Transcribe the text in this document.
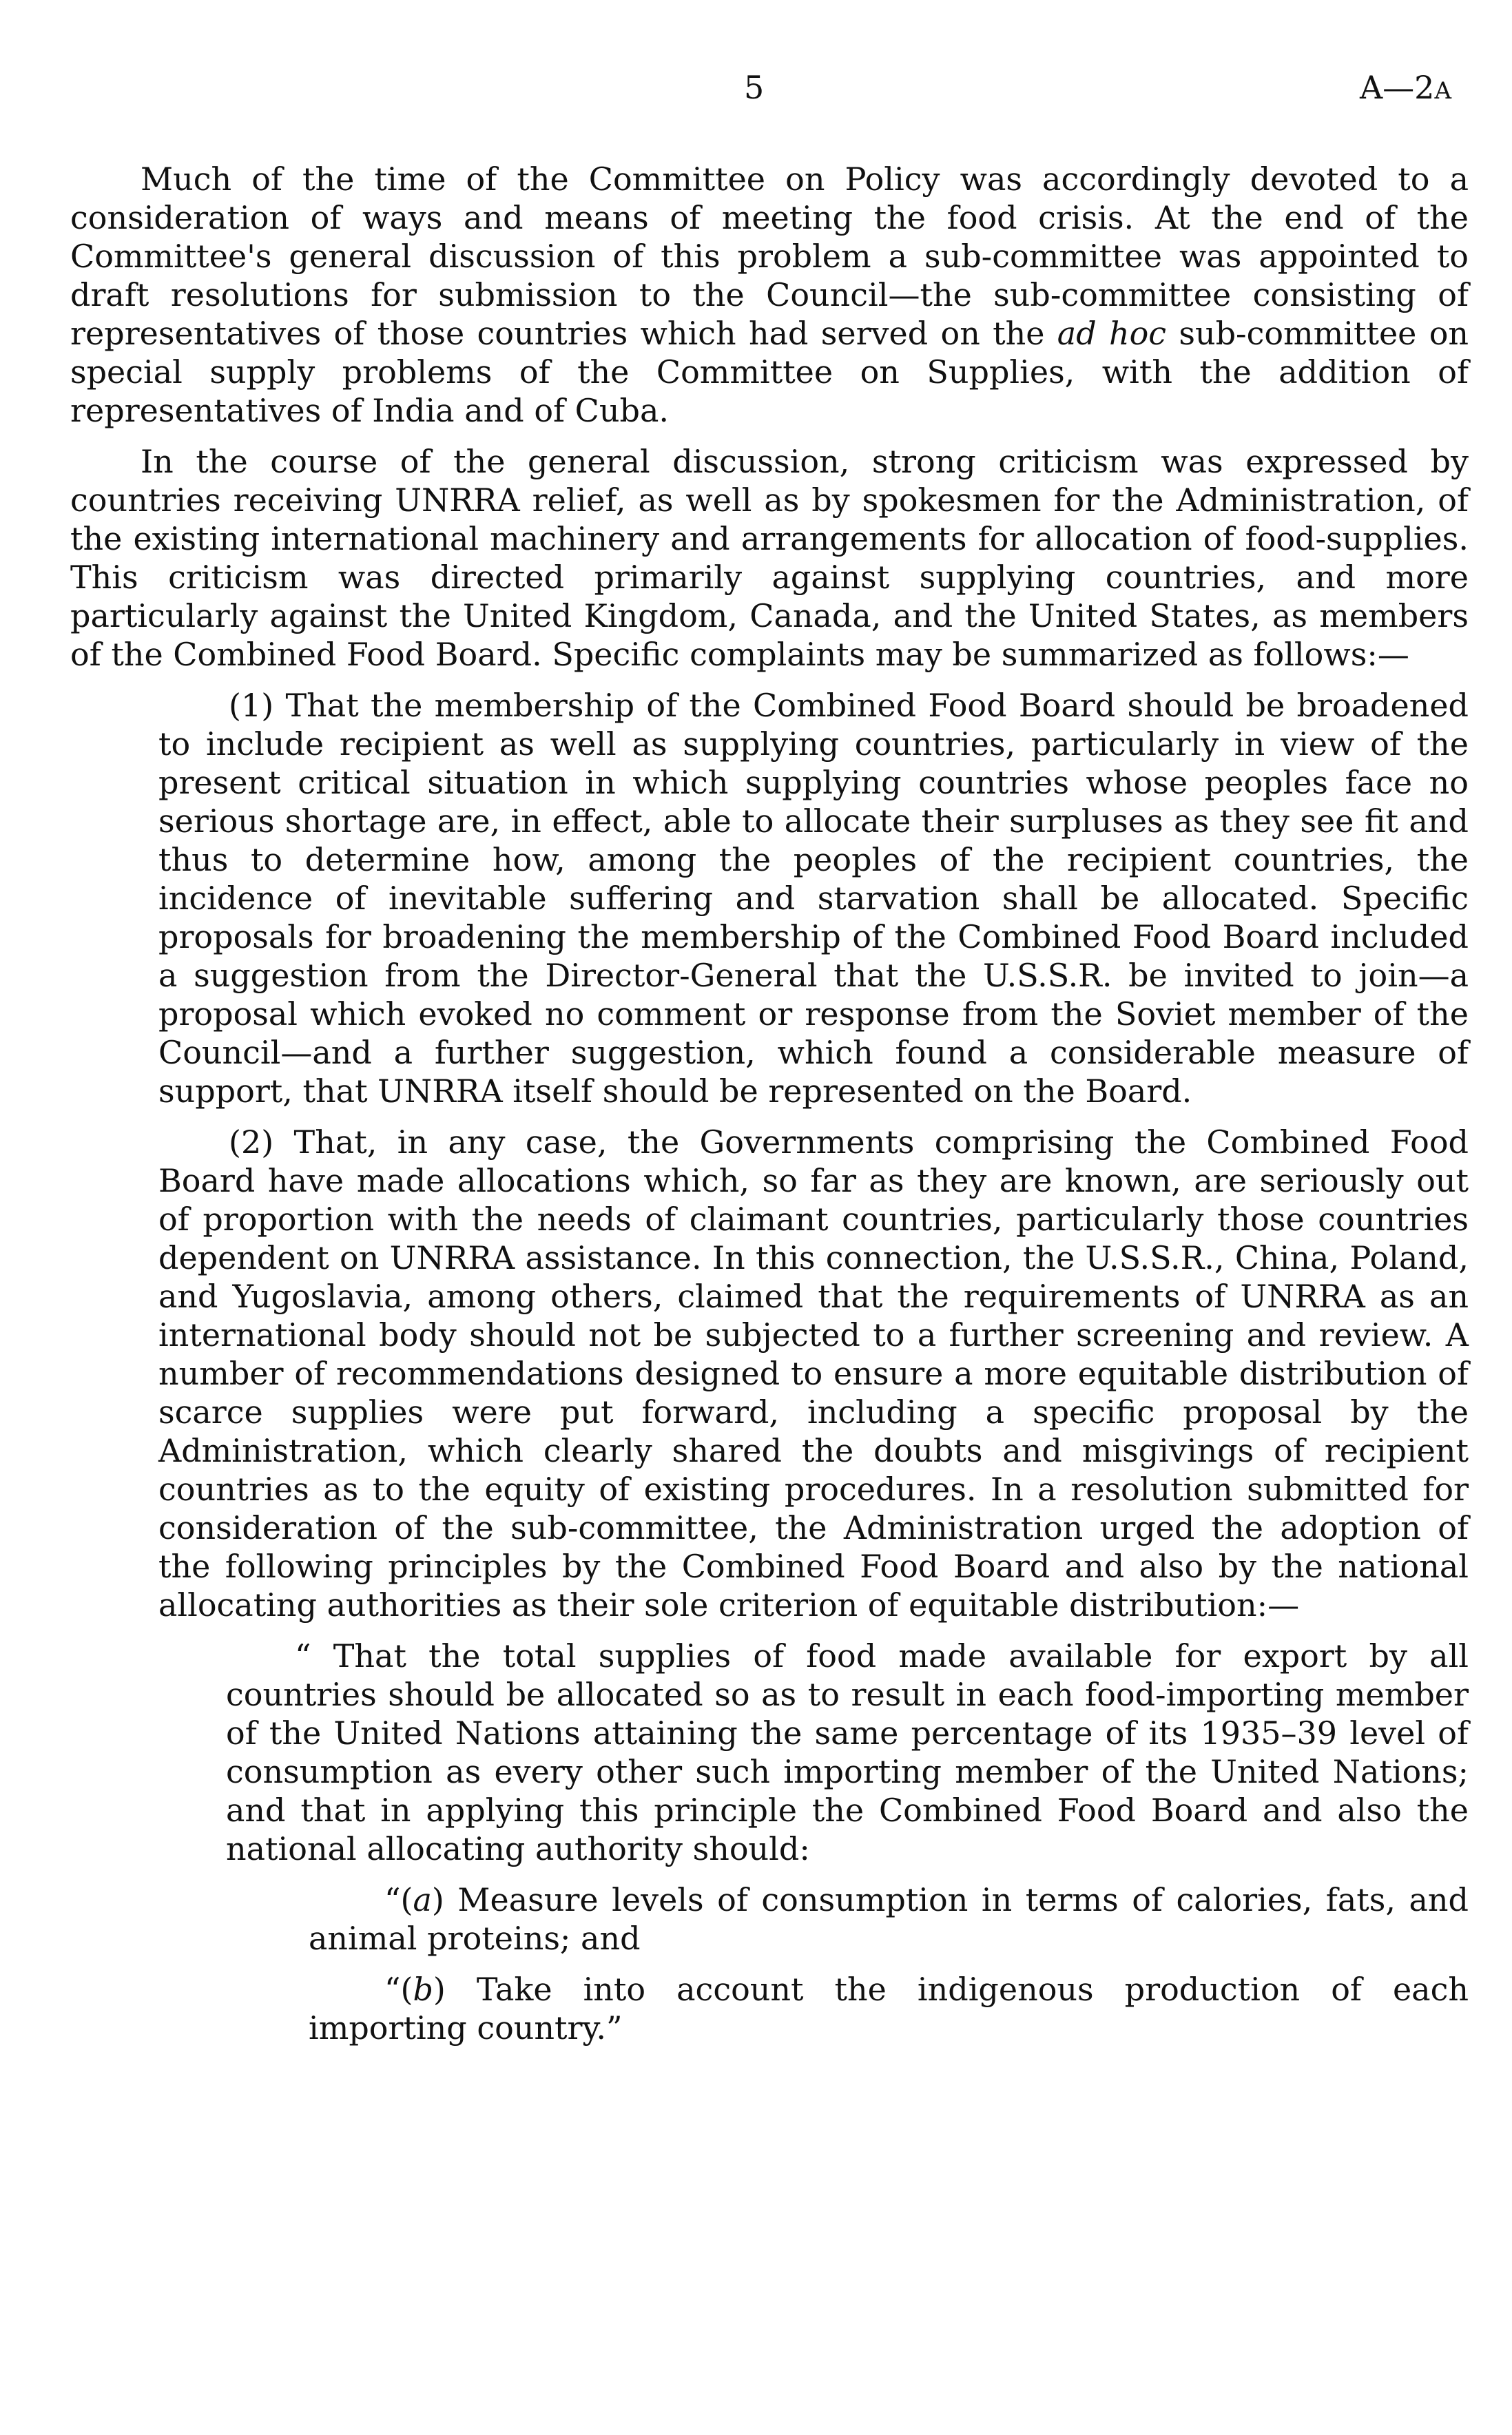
5	A—2A

Much of the time of the Committee on Policy was accordingly devoted to a consideration of ways and means of meeting the food crisis. At the end of the Committee's general discussion of this problem a sub-committee was appointed to draft resolutions for submission to the Council—the sub-committee consisting of representatives of those countries which had served on the ad hoc sub-committee on special supply problems of the Committee on Supplies, with the addition of representatives of India and of Cuba.

In the course of the general discussion, strong criticism was expressed by countries receiving UNRRA relief, as well as by spokesmen for the Administration, of the existing international machinery and arrangements for allocation of food-supplies. This criticism was directed primarily against supplying countries, and more particularly against the United Kingdom, Canada, and the United States, as members of the Combined Food Board. Specific complaints may be summarized as follows:—

(1) That the membership of the Combined Food Board should be broadened to include recipient as well as supplying countries, particularly in view of the present critical situation in which supplying countries whose peoples face no serious shortage are, in effect, able to allocate their surpluses as they see fit and thus to determine how, among the peoples of the recipient countries, the incidence of inevitable suffering and starvation shall be allocated. Specific proposals for broadening the membership of the Combined Food Board included a suggestion from the Director-General that the U.S.S.R. be invited to join—a proposal which evoked no comment or response from the Soviet member of the Council—and a further suggestion, which found a considerable measure of support, that UNRRA itself should be represented on the Board.

(2) That, in any case, the Governments comprising the Combined Food Board have made allocations which, so far as they are known, are seriously out of proportion with the needs of claimant countries, particularly those countries dependent on UNRRA assistance. In this connection, the U.S.S.R., China, Poland, and Yugoslavia, among others, claimed that the requirements of UNRRA as an international body should not be subjected to a further screening and review. A number of recommendations designed to ensure a more equitable distribution of scarce supplies were put forward, including a specific proposal by the Administration, which clearly shared the doubts and misgivings of recipient countries as to the equity of existing procedures. In a resolution submitted for consideration of the sub-committee, the Administration urged the adoption of the following principles by the Combined Food Board and also by the national allocating authorities as their sole criterion of equitable distribution:—

“ That the total supplies of food made available for export by all countries should be allocated so as to result in each food-importing member of the United Nations attaining the same percentage of its 1935–39 level of consumption as every other such importing member of the United Nations; and that in applying this principle the Combined Food Board and also the national allocating authority should:

“(a) Measure levels of consumption in terms of calories, fats, and animal proteins; and

“(b) Take into account the indigenous production of each importing country.”
